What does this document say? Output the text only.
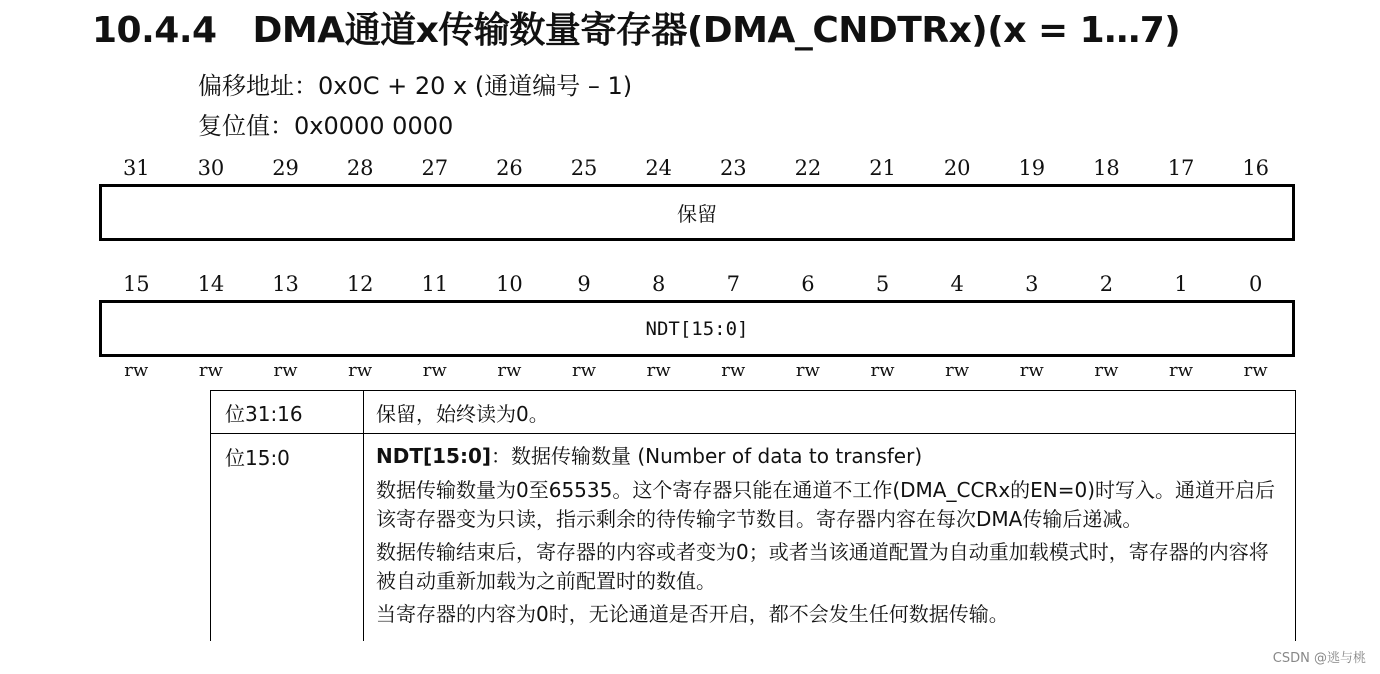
10.4.4 DMA通道x传输数量寄存器(DMA_CNDTRx)(x = 1…7)
偏移地址：0x0C + 20 x (通道编号 – 1)
复位值：0x0000 0000
31	30	29	28	27	26	25	24	23	22	21	20	19	18	17	16
保留
15	14	13	12	11	10	9	8	7	6	5	4	3	2	1	0
NDT[15:0]
rw	rw	rw	rw	rw	rw	rw	rw	rw	rw	rw	rw	rw	rw	rw	rw
位31:16	保留，始终读为0。
位15:0	NDT[15:0]：数据传输数量 (Number of data to transfer)
数据传输数量为0至65535。这个寄存器只能在通道不工作(DMA_CCRx的EN=0)时写入。通道开启后该寄存器变为只读，指示剩余的待传输字节数目。寄存器内容在每次DMA传输后递减。
数据传输结束后，寄存器的内容或者变为0；或者当该通道配置为自动重加载模式时，寄存器的内容将被自动重新加载为之前配置时的数值。
当寄存器的内容为0时，无论通道是否开启，都不会发生任何数据传输。
CSDN @逃与桃
